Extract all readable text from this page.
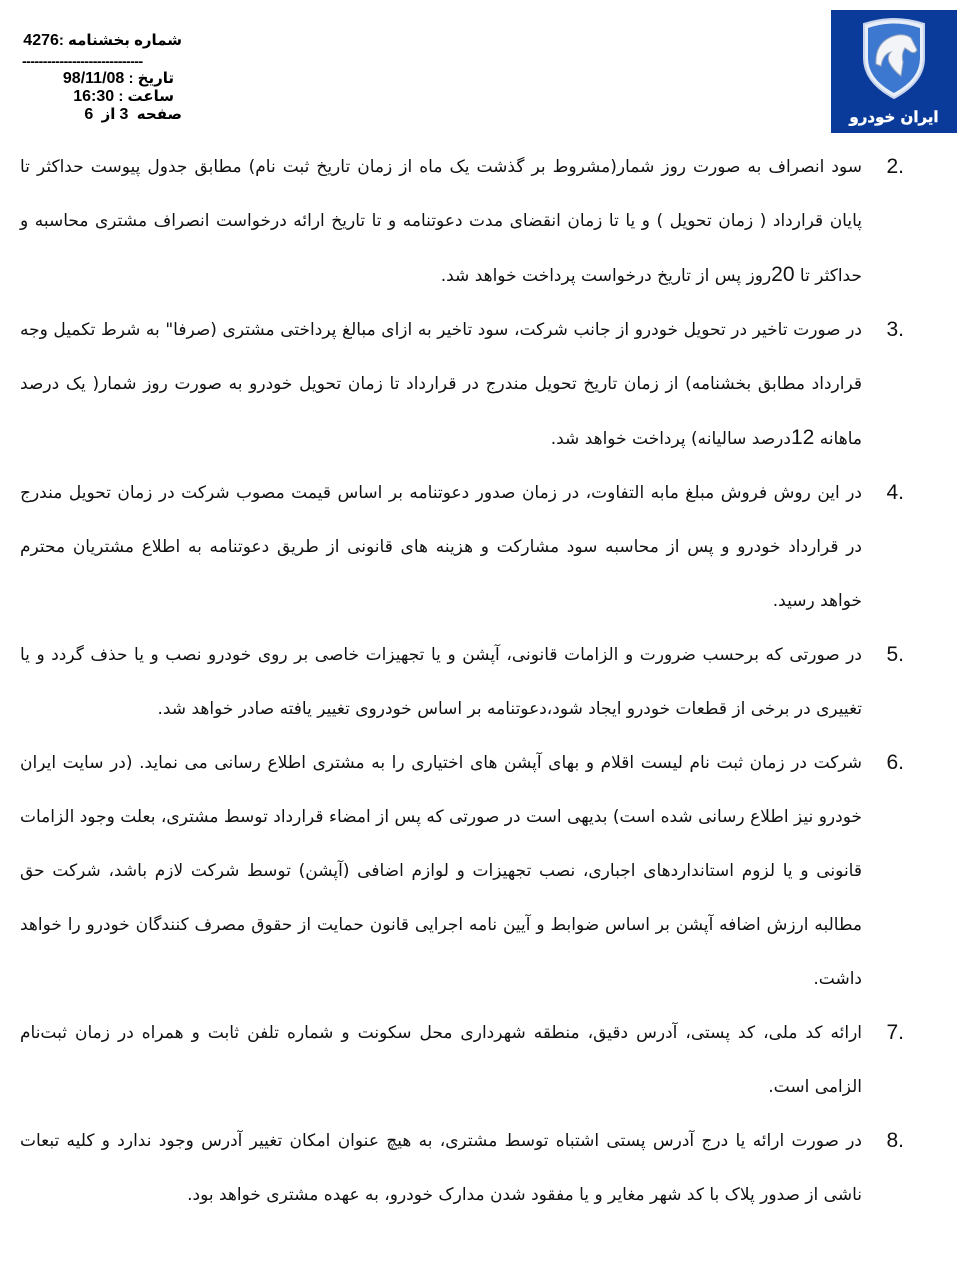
شماره بخشنامه :4276
-----------------------------
تاریخ : 98/11/08
ساعت : 16:30
صفحه  3 از  6	ایران خودرو
2.

سود انصراف به صورت روز شمار(مشروط بر گذشت یک ماه از زمان تاریخ ثبت نام) مطابق جدول پیوست حداکثر تا پایان قرارداد ( زمان تحویل ) و یا تا زمان انقضای مدت دعوتنامه و تا تاریخ ارائه درخواست انصراف مشتری محاسبه و حداکثر تا 20روز پس از تاریخ درخواست پرداخت خواهد شد.

3.

در صورت تاخیر در تحویل خودرو از جانب شرکت، سود تاخیر به ازای مبالغ پرداختی مشتری (صرفا" به شرط تکمیل وجه قرارداد مطابق بخشنامه) از زمان تاریخ تحویل مندرج در قرارداد تا زمان تحویل خودرو به صورت روز شمار( یک درصد ماهانه 12درصد سالیانه) پرداخت خواهد شد.

4.

در این روش فروش مبلغ مابه التفاوت، در زمان صدور دعوتنامه بر اساس قیمت مصوب شرکت در زمان تحویل مندرج در قرارداد خودرو و پس از محاسبه سود مشارکت و هزینه های قانونی از طریق دعوتنامه به اطلاع مشتریان محترم خواهد رسید.

5.

در صورتی که برحسب ضرورت و الزامات قانونی، آپشن و یا تجهیزات خاصی بر روی خودرو نصب و یا حذف گردد و یا تغییری در برخی از قطعات خودرو ایجاد شود،دعوتنامه بر اساس خودروی تغییر یافته صادر خواهد شد.

6.

شرکت در زمان ثبت نام لیست اقلام و بهای آپشن های اختیاری را به مشتری اطلاع رسانی می نماید. (در سایت ایران خودرو نیز اطلاع رسانی شده است) بدیهی است در صورتی که پس از امضاء قرارداد توسط مشتری، بعلت وجود الزامات قانونی و یا لزوم استانداردهای اجباری، نصب تجهیزات و لوازم اضافی (آپشن) توسط شرکت لازم باشد، شرکت حق مطالبه ارزش اضافه آپشن بر اساس ضوابط و آیین نامه اجرایی قانون حمایت از حقوق مصرف کنندگان خودرو را خواهد داشت.

7.

ارائه کد ملی، کد پستی، آدرس دقیق، منطقه شهرداری محل سکونت و شماره تلفن ثابت و همراه در زمان ثبت‌نام الزامی است.

8.

در صورت ارائه یا درج آدرس پستی اشتباه توسط مشتری، به هیچ عنوان امکان تغییر آدرس وجود ندارد و کلیه تبعات ناشی از صدور پلاک با کد شهر مغایر و یا مفقود شدن مدارک خودرو، به عهده مشتری خواهد بود.
